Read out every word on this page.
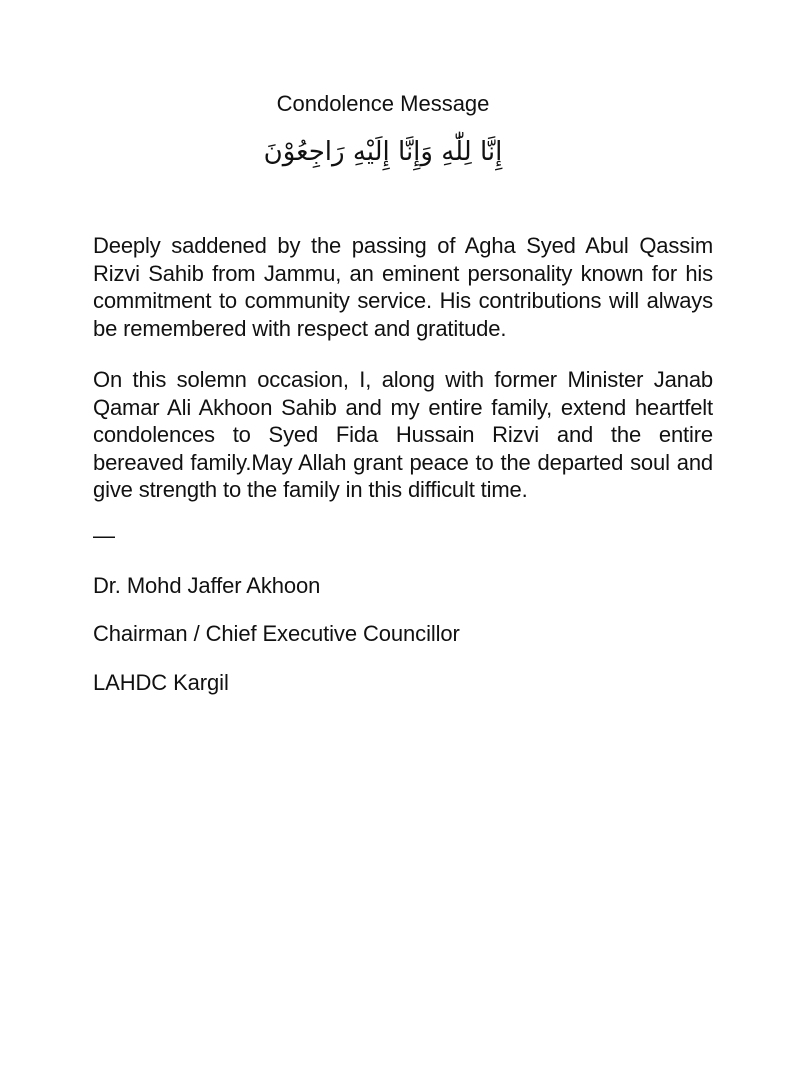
Condolence Message
إِنَّا لِلّٰهِ وَإِنَّا إِلَيْهِ رَاجِعُوْنَ
Deeply saddened by the passing of Agha Syed Abul Qassim Rizvi Sahib from Jammu, an eminent personality known for his commitment to community service. His contributions will always be remembered with respect and gratitude.
On this solemn occasion, I, along with former Minister Janab Qamar Ali Akhoon Sahib and my entire family, extend heartfelt condolences to Syed Fida Hussain Rizvi and the entire bereaved family.May Allah grant peace to the departed soul and give strength to the family in this difficult time.
—
Dr. Mohd Jaffer Akhoon
Chairman / Chief Executive Councillor
LAHDC Kargil
